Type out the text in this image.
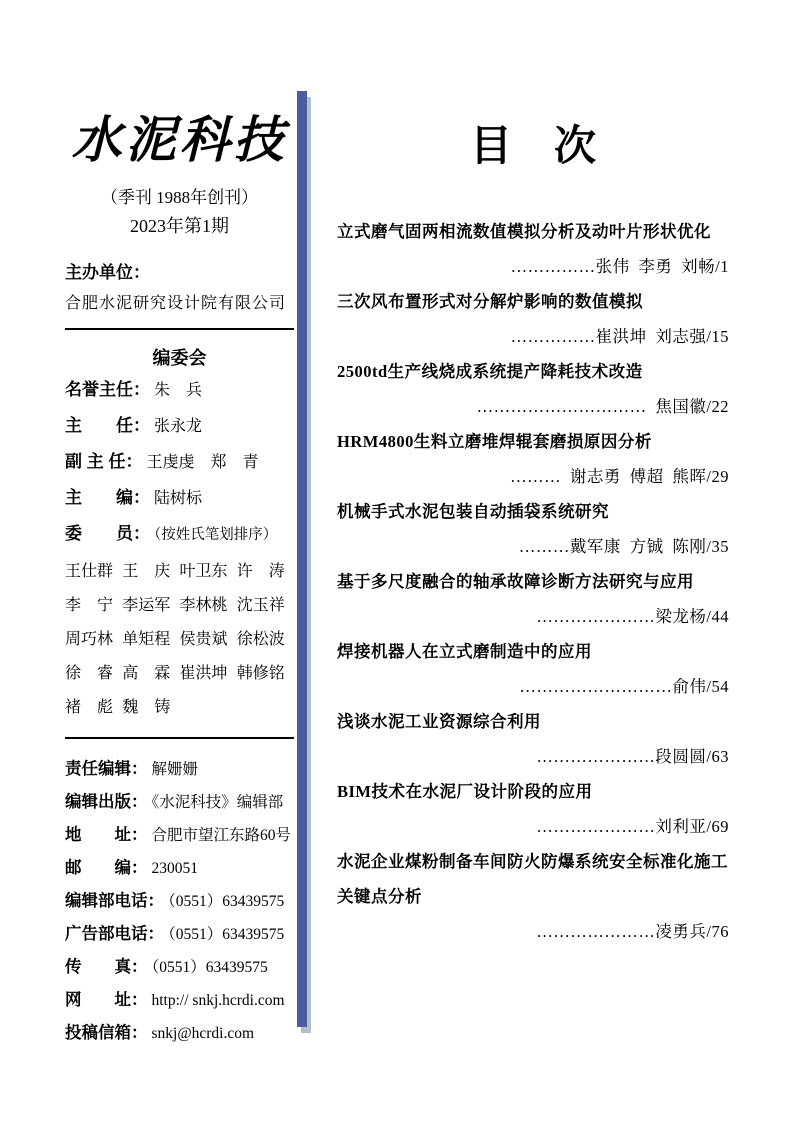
水泥科技
（季刊 1988年创刊）
2023年第1期
主办单位：
合肥水泥研究设计院有限公司
编委会
名誉主任： 朱　兵
主　　任： 张永龙
副 主 任： 王虔虔　郑　青
主　　编： 陆树标
委　　员： （按姓氏笔划排序）
王仕群 王　庆 叶卫东 许　涛
李　宁 李运军 李林桃 沈玉祥
周巧林 单矩程 侯贵斌 徐松波
徐　睿 高　霖 崔洪坤 韩修铭
褚　彪 魏　铸
责任编辑： 解姗姗
编辑出版： 《水泥科技》编辑部
地　　址： 合肥市望江东路60号
邮　　编： 230051
编辑部电话： （0551）63439575
广告部电话： （0551）63439575
传　　真： （0551）63439575
网　　址： http:// snkj.hcrdi.com
投稿信箱： snkj@hcrdi.com
目　次
立式磨气固两相流数值模拟分析及动叶片形状优化
……………张伟 李勇 刘畅/1
三次风布置形式对分解炉影响的数值模拟
……………崔洪坤 刘志强/15
2500td生产线烧成系统提产降耗技术改造
………………………… 焦国徽/22
HRM4800生料立磨堆焊辊套磨损原因分析
……… 谢志勇 傅超 熊晖/29
机械手式水泥包装自动插袋系统研究
………戴军康 方铖 陈刚/35
基于多尺度融合的轴承故障诊断方法研究与应用
…………………梁龙杨/44
焊接机器人在立式磨制造中的应用
………………………俞伟/54
浅谈水泥工业资源综合利用
…………………段圆圆/63
BIM技术在水泥厂设计阶段的应用
…………………刘利亚/69
水泥企业煤粉制备车间防火防爆系统安全标准化施工
关键点分析
…………………凌勇兵/76
